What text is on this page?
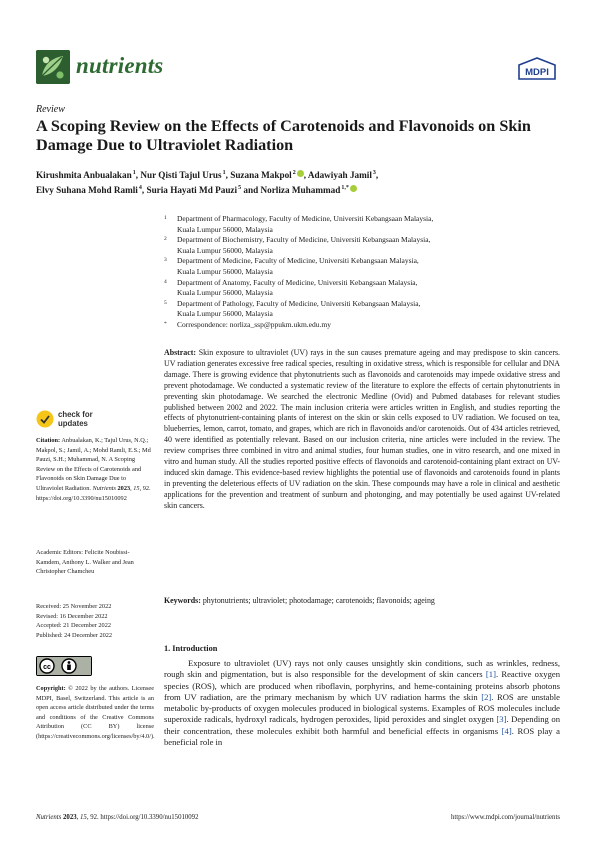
nutrients	MDPI
Review
A Scoping Review on the Effects of Carotenoids and Flavonoids on Skin Damage Due to Ultraviolet Radiation
Kirushmita Anbualakan$^1$, Nur Qisti Tajul Urus$^1$, Suzana Makpol$^2$ , Adawiyah Jamil$^3$,
Elvy Suhana Mohd Ramli$^4$, Suria Hayati Md Pauzi$^5$ and Norliza Muhammad$^{1,*}$
1 Department of Pharmacology, Faculty of Medicine, Universiti Kebangsaan Malaysia,
Kuala Lumpur 56000, Malaysia
2 Department of Biochemistry, Faculty of Medicine, Universiti Kebangsaan Malaysia,
Kuala Lumpur 56000, Malaysia
3 Department of Medicine, Faculty of Medicine, Universiti Kebangsaan Malaysia,
Kuala Lumpur 56000, Malaysia
4 Department of Anatomy, Faculty of Medicine, Universiti Kebangsaan Malaysia,
Kuala Lumpur 56000, Malaysia
5 Department of Pathology, Faculty of Medicine, Universiti Kebangsaan Malaysia,
Kuala Lumpur 56000, Malaysia
* Correspondence: norliza_ssp@ppukm.ukm.edu.my
check for
updates
Citation: Anbualakan, K.; Tajul Urus, N.Q.; Makpol, S.; Jamil, A.; Mohd Ramli, E.S.; Md Pauzi, S.H.; Muhammad, N. A Scoping Review on the Effects of Carotenoids and Flavonoids on Skin Damage Due to Ultraviolet Radiation. Nutrients 2023, 15, 92. https://doi.org/10.3390/nu15010092
Academic Editors: Felicite Noubissi-Kamdem, Anthony L. Walker and Jean Christopher Chamcheu
Received: 25 November 2022
Revised: 16 December 2022
Accepted: 21 December 2022
Published: 24 December 2022
cc
Copyright: © 2022 by the authors. Licensee MDPI, Basel, Switzerland. This article is an open access article distributed under the terms and conditions of the Creative Commons Attribution (CC BY) license (https://creativecommons.org/licenses/by/4.0/).
Abstract: Skin exposure to ultraviolet (UV) rays in the sun causes premature ageing and may predispose to skin cancers. UV radiation generates excessive free radical species, resulting in oxidative stress, which is responsible for cellular and DNA damage. There is growing evidence that phytonutrients such as flavonoids and carotenoids may impede oxidative stress and prevent photodamage. We conducted a systematic review of the literature to explore the effects of certain phytonutrients in preventing skin photodamage. We searched the electronic Medline (Ovid) and Pubmed databases for relevant studies published between 2002 and 2022. The main inclusion criteria were articles written in English, and studies reporting the effects of phytonutrient-containing plants of interest on the skin or skin cells exposed to UV radiation. We focused on tea, blueberries, lemon, carrot, tomato, and grapes, which are rich in flavonoids and/or carotenoids. Out of 434 articles retrieved, 40 were identified as potentially relevant. Based on our inclusion criteria, nine articles were included in the review. The review comprises three combined in vitro and animal studies, four human studies, one in vitro research, and one mixed in vitro and human study. All the studies reported positive effects of flavonoids and carotenoid-containing plant extract on UV-induced skin damage. This evidence-based review highlights the potential use of flavonoids and carotenoids found in plants in preventing the deleterious effects of UV radiation on the skin. These compounds may have a role in clinical and aesthetic applications for the prevention and treatment of sunburn and photonging, and may potentially be used against UV-related skin cancers.
Keywords: phytonutrients; ultraviolet; photodamage; carotenoids; flavonoids; ageing
1. Introduction
Exposure to ultraviolet (UV) rays not only causes unsightly skin conditions, such as wrinkles, redness, rough skin and pigmentation, but is also responsible for the development of skin cancers [1]. Reactive oxygen species (ROS), which are produced when riboflavin, porphyrins, and heme-containing proteins absorb photons from UV radiation, are the primary mechanism by which UV radiation harms the skin [2]. ROS are unstable metabolic by-products of oxygen molecules produced in biological systems. Examples of ROS molecules include superoxide radicals, hydroxyl radicals, hydrogen peroxides, lipid peroxides and singlet oxygen [3]. Depending on their concentration, these molecules exhibit both harmful and beneficial effects in organisms [4]. ROS play a beneficial role in
Nutrients 2023, 15, 92. https://doi.org/10.3390/nu15010092	https://www.mdpi.com/journal/nutrients
